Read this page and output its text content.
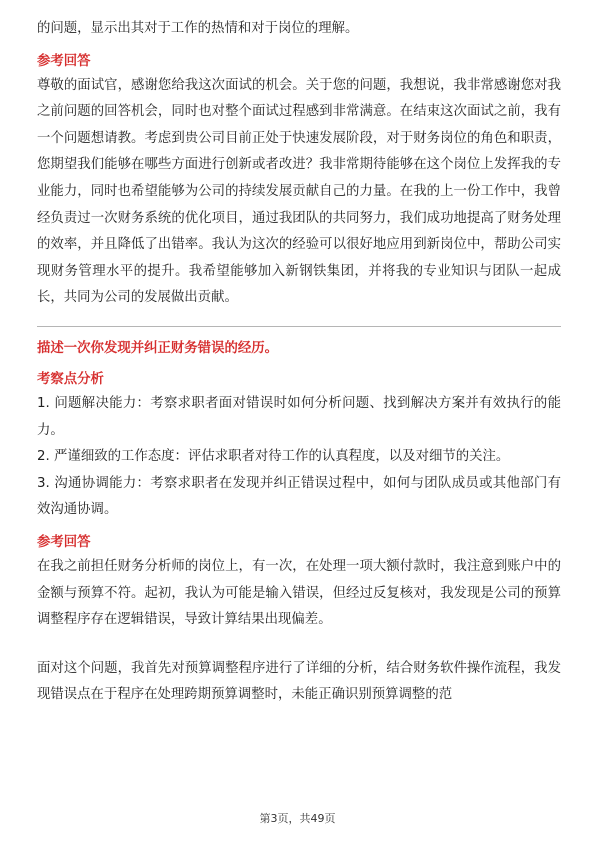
的问题，显示出其对于工作的热情和对于岗位的理解。

参考回答

尊敬的面试官，感谢您给我这次面试的机会。关于您的问题，我想说，我非常感谢您对我之前问题的回答机会，同时也对整个面试过程感到非常满意。在结束这次面试之前，我有一个问题想请教。考虑到贵公司目前正处于快速发展阶段，对于财务岗位的角色和职责，您期望我们能够在哪些方面进行创新或者改进？我非常期待能够在这个岗位上发挥我的专业能力，同时也希望能够为公司的持续发展贡献自己的力量。在我的上一份工作中，我曾经负责过一次财务系统的优化项目，通过我团队的共同努力，我们成功地提高了财务处理的效率，并且降低了出错率。我认为这次的经验可以很好地应用到新岗位中，帮助公司实现财务管理水平的提升。我希望能够加入新钢铁集团，并将我的专业知识与团队一起成长，共同为公司的发展做出贡献。

描述一次你发现并纠正财务错误的经历。
考察点分析

1. 问题解决能力：考察求职者面对错误时如何分析问题、找到解决方案并有效执行的能力。

2. 严谨细致的工作态度：评估求职者对待工作的认真程度，以及对细节的关注。

3. 沟通协调能力：考察求职者在发现并纠正错误过程中，如何与团队成员或其他部门有效沟通协调。

参考回答

在我之前担任财务分析师的岗位上，有一次，在处理一项大额付款时，我注意到账户中的金额与预算不符。起初，我认为可能是输入错误，但经过反复核对，我发现是公司的预算调整程序存在逻辑错误，导致计算结果出现偏差。

面对这个问题，我首先对预算调整程序进行了详细的分析，结合财务软件操作流程，我发现错误点在于程序在处理跨期预算调整时，未能正确识别预算调整的范

第3页，共49页
